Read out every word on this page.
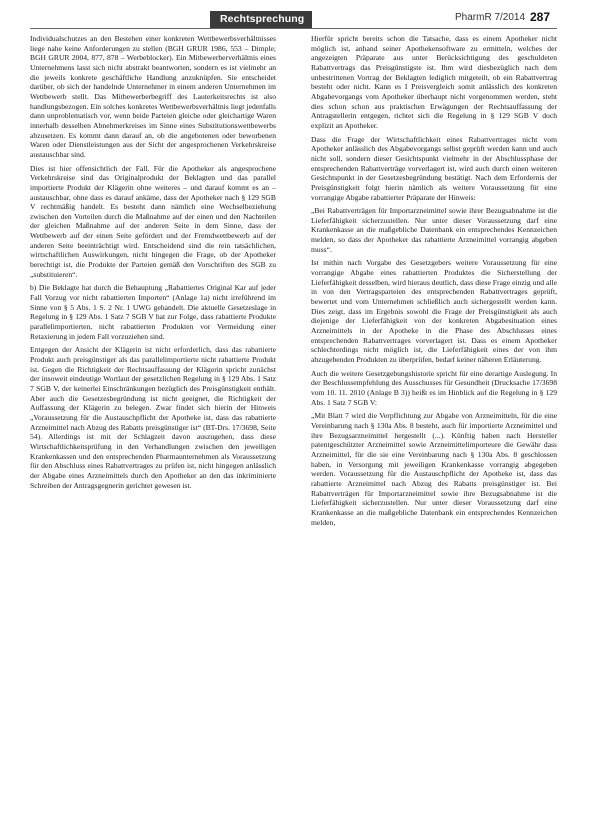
Rechtsprechung	PharmR 7/2014 287

Individualschutzes an den Bestehen einer konkreten Wettbewerbsverhältnisses liege nahe keine Anforderungen zu stellen (BGH GRUR 1986, 553 – Dimple; BGH GRUR 2004, 877, 878 – Werbeblocker). Ein Mitbewerberverhältnis eines Unternehmens lasst sich nicht abstrakt beantworten, sondern es ist vielmehr an die jeweils konkrete geschäftliche Handlung anzuknüpfen. Sie entscheidet darüber, ob sich der handelnde Unternehmer in einem anderen Unternehmen im Wettbewerb stellt. Das Mitbewerberbegriff des Lauterkeitsrechts ist also handlungsbezogen. Ein solches konkretes Wettbewerbsverhältnis liegt jedenfalls dann unproblematisch vor, wenn beide Parteien gleiche oder gleichartige Waren innerhalb desselben Abnehmerkreises im Sinne eines Substitutionswettbewerbs abzusetzen. Es kommt dann darauf an, ob die angebotenen oder beworbenen Waren oder Dienstleistungen aus der Sicht der angesprochenen Verkehrskreise austauschbar sind.

Dies ist hier offensichtlich der Fall. Für die Apotheker als angesprochene Verkehrskreise sind das Originalprodukt der Beklagten und das parallel importierte Produkt der Klägerin ohne weiteres – und darauf kommt es an – austauschbar, ohne dass es darauf ankäme, dass der Apotheker nach § 129 SGB V rechtmäßig handelt. Es besteht dann nämlich eine Wechselbeziehung zwischen den Vorteilen durch die Maßnahme auf der einen und den Nachteilen der gleichen Maßnahme auf der anderen Seite in dem Sinne, dass der Wettbewerb auf der einen Seite gefördert und der Fremdwettbewerb auf der anderen Seite beeinträchtigt wird. Entscheidend sind die rein tatsächlichen, wirtschaftlichen Auswirkungen, nicht hingegen die Frage, ob der Apotheker berechtigt ist, die Produkte der Parteien gemäß den Vorschriften des SGB zu „substituieren“.

b) Die Beklagte hat durch die Behauptung „Rabattiertes Original Kar auf jeder Fall Vorzug vor nicht rabattierten Importen“ (Anlage 1a) nicht irreführend im Sinne von § 5 Abs. 1 S. 2 Nr. 1 UWG gehandelt. Die aktuelle Gesetzeslage in Regelung in § 129 Abs. 1 Satz 7 SGB V hat zur Folge, dass rabattierte Produkte parallelimportierten, nicht rabattierten Produkten vor Vermeidung einer Retaxierung in jedem Fall vorzuziehen sind.

Entgegen der Ansicht der Klägerin ist nicht erforderlich, dass das rabattierte Produkt auch preisgünstiger als das parallelimportierte nicht rabattierte Produkt ist. Gegen die Richtigkeit der Rechtsauffassung der Klägerin spricht zunächst der insoweit eindeutige Wortlaut der gesetzlichen Regelung in § 129 Abs. 1 Satz 7 SGB V, der keinerlei Einschränkungen bezüglich des Preisgünstigkeit enthält. Aber auch die Gesetzesbegründung ist nicht geeignet, die Richtigkeit der Auffassung der Klägerin zu belegen. Zwar findet sich hierin der Hinweis „Voraussetzung für die Austauschpflicht der Apotheke ist, dass das rabattierte Arzneimittel nach Abzug des Rabatts preisgünstiger ist“ (BT-Drs. 17/3698, Seite 54). Allerdings ist mit der Schlagzeit davon auszugehen, dass diese Wirtschaftlichkeitsprüfung in den Verhandlungen zwischen den jeweiligen Krankenkassen und den entsprechenden Pharmaunternehmen als Voraussetzung für den Abschluss eines Rabattvertrages zu prüfen ist, nicht hingegen anlässlich der Abgabe eines Arzneimittels durch den Apotheker an den das inkriminierte Schreiben der Antragsgegnerin gerichtet gewesen ist.

Hierfür spricht bereits schon die Tatsache, dass es einem Apotheker nicht möglich ist, anhand seiner Apothekensoftware zu ermitteln, welches der angezeigten Präparate aus unter Berücksichtigung des geschuldeten Rabattvertrags das Preisgünstigste ist. Ihm wird diesbezüglich nach dem unbestrittenen Vortrag der Beklagten lediglich mitgeteilt, ob ein Rabattvertrag besteht oder nicht. Kann es I Preisvergleich somit anlässlich des konkreten Abgabevorgangs vom Apotheker überhaupt nicht vorgenommen werden, steht dies schon schon aus praktischen Erwägungen der Rechtsauffassung der Antragstellerin entgegen, richtet sich die Regelung in § 129 SGB V doch explizit an Apotheker.

Dass die Frage der Wirtschaftlichkeit eines Rabattvertrages nicht vom Apotheker anlässlich des Abgabevorgangs selbst geprüft werden kann und auch nicht soll, sondern dieser Gesichtspunkt vielmehr in der Abschlussphase der entsprechenden Rabattverträge vorverlagert ist, wird auch durch einen weiteren Gesichtspunkt in der Gesetzesbegründung bestätigt. Nach dem Erfordernis der Preisgünstigkeit folgt hierin nämlich als weitere Voraussetzung für eine vorrangige Abgabe rabattierter Präparate der Hinweis:

„Bei Rabattverträgen für Importarzneimittel sowie ihrer Bezugsabnahme ist die Lieferfähigkeit sicherzustellen. Nur unter dieser Voraussetzung darf eine Krankenkasse an die maßgebliche Datenbank ein entsprechendes Kennzeichen melden, so dass der Apotheker das rabattierte Arzneimittel vorrangig abgeben muss“.

Ist mithin nach Vorgabe des Gesetzgebers weitere Voraussetzung für eine vorrangige Abgabe eines rabattierten Produktes die Sicherstellung der Lieferfähigkeit desselben, wird hieraus deutlich, dass diese Frage einzig und alle in von den Vertragsparteien des entsprechenden Rabattvertrages geprüft, bewertet und vom Unternehmen schließlich auch sichergestellt werden kann. Dies zeigt, dass im Ergebnis sowohl die Frage der Preisgünstigkeit als auch diejenige der Lieferfähigkeit von der konkreten Abgabesituation eines Arzneimittels in der Apotheke in die Phase des Abschlusses eines entsprechenden Rabattvertrages vorverlagert ist. Dass es einem Apotheker schlechterdings nicht möglich ist, die Lieferfähigkeit eines der von ihm abzugebenden Produkten zu überprüfen, bedarf keiner näheren Erläuterung.

Auch die weitere Gesetzgebungshistorie spricht für eine derartige Auslegung. In der Beschlussempfehlung des Ausschusses für Gesundheit (Drucksache 17/3698 vom 10. 11. 2010 (Anlage B 3)) heißt es im Hinblick auf die Regelung in § 129 Abs. 1 Satz 7 SGB V:

„Mit Blatt 7 wird die Verpflichtung zur Abgabe von Arzneimitteln, für die eine Vereinbarung nach § 130a Abs. 8 besteht, auch für importierte Arzneimittel und ihre Bezugsarzneimittel hergestellt (...). Künftig haben nach Hersteller patentgeschützter Arzneimittel sowie Arzneimittelimporteure die Gewähr dass Arzneimittel, für die sie eine Vereinbarung nach § 130a Abs. 8 geschlossen haben, in Versorgung mit jeweiligen Krankenkasse vorrangig abgegeben werden. Voraussetzung für die Austauschpflicht der Apotheke ist, dass das rabattierte Arzneimittel nach Abzug des Rabatts preisgünstiger ist. Bei Rabattverträgen für Importarzneimittel sowie ihre Bezugsabnahme ist die Lieferfähigkeit sicherzustellen. Nur unter dieser Voraussetzung darf eine Krankenkasse an die maßgebliche Datenbank ein entsprechendes Kennzeichen melden,
